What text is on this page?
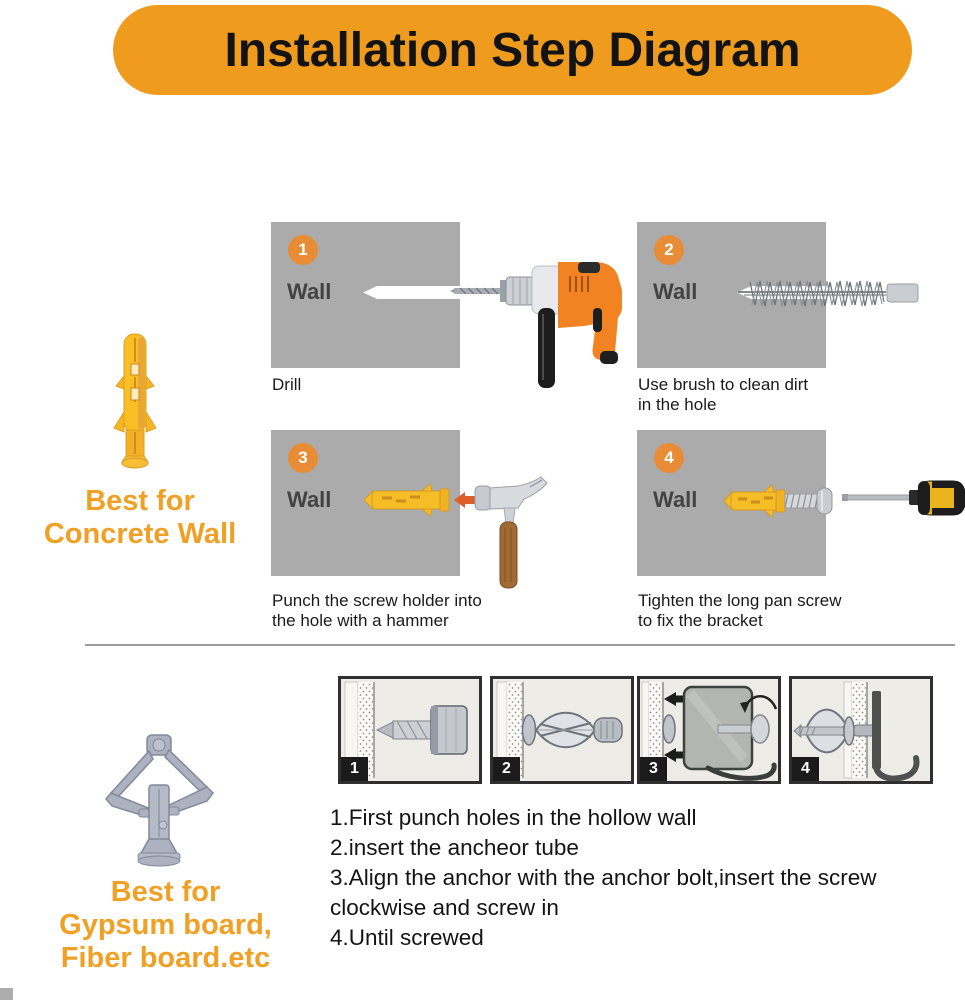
Installation Step Diagram
Best for
Concrete Wall
1
Wall
Drill
2
Wall
Use brush to clean dirt
in the hole
3
Wall
Punch the screw holder into
the hole with a hammer
4
Wall
Tighten the long pan screw
to fix the bracket
Best for
Gypsum board,
Fiber board.etc
1	2	3	4
1.First punch holes in the hollow wall
2.insert the ancheor tube
3.Align the anchor with the anchor bolt,insert the screw
clockwise and screw in
4.Until screwed
